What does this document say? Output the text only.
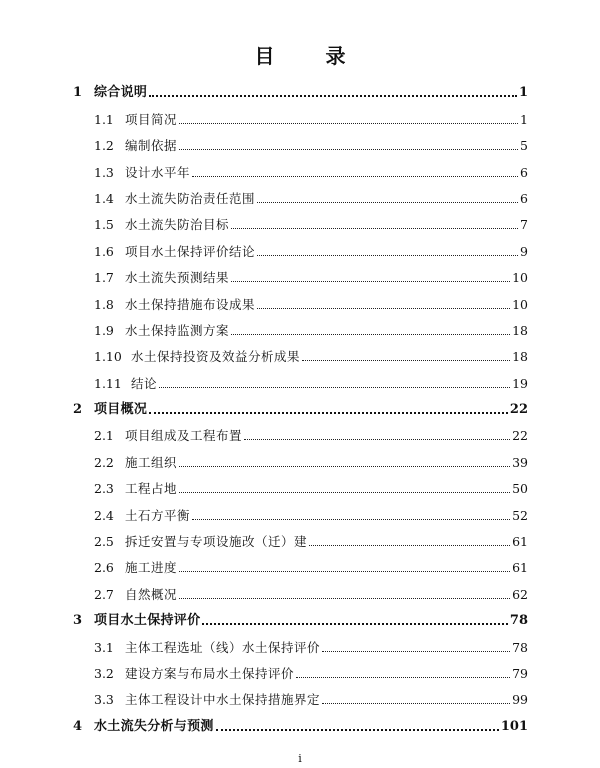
目 录
1 综合说明	1
1.1 项目简况	1
1.2 编制依据	5
1.3 设计水平年	6
1.4 水土流失防治责任范围	6
1.5 水土流失防治目标	7
1.6 项目水土保持评价结论	9
1.7 水土流失预测结果	10
1.8 水土保持措施布设成果	10
1.9 水土保持监测方案	18
1.10 水土保持投资及效益分析成果	18
1.11 结论	19
2 项目概况	22
2.1 项目组成及工程布置	22
2.2 施工组织	39
2.3 工程占地	50
2.4 土石方平衡	52
2.5 拆迁安置与专项设施改（迁）建	61
2.6 施工进度	61
2.7 自然概况	62
3 项目水土保持评价	78
3.1 主体工程选址（线）水土保持评价	78
3.2 建设方案与布局水土保持评价	79
3.3 主体工程设计中水土保持措施界定	99
4 水土流失分析与预测	101
i
